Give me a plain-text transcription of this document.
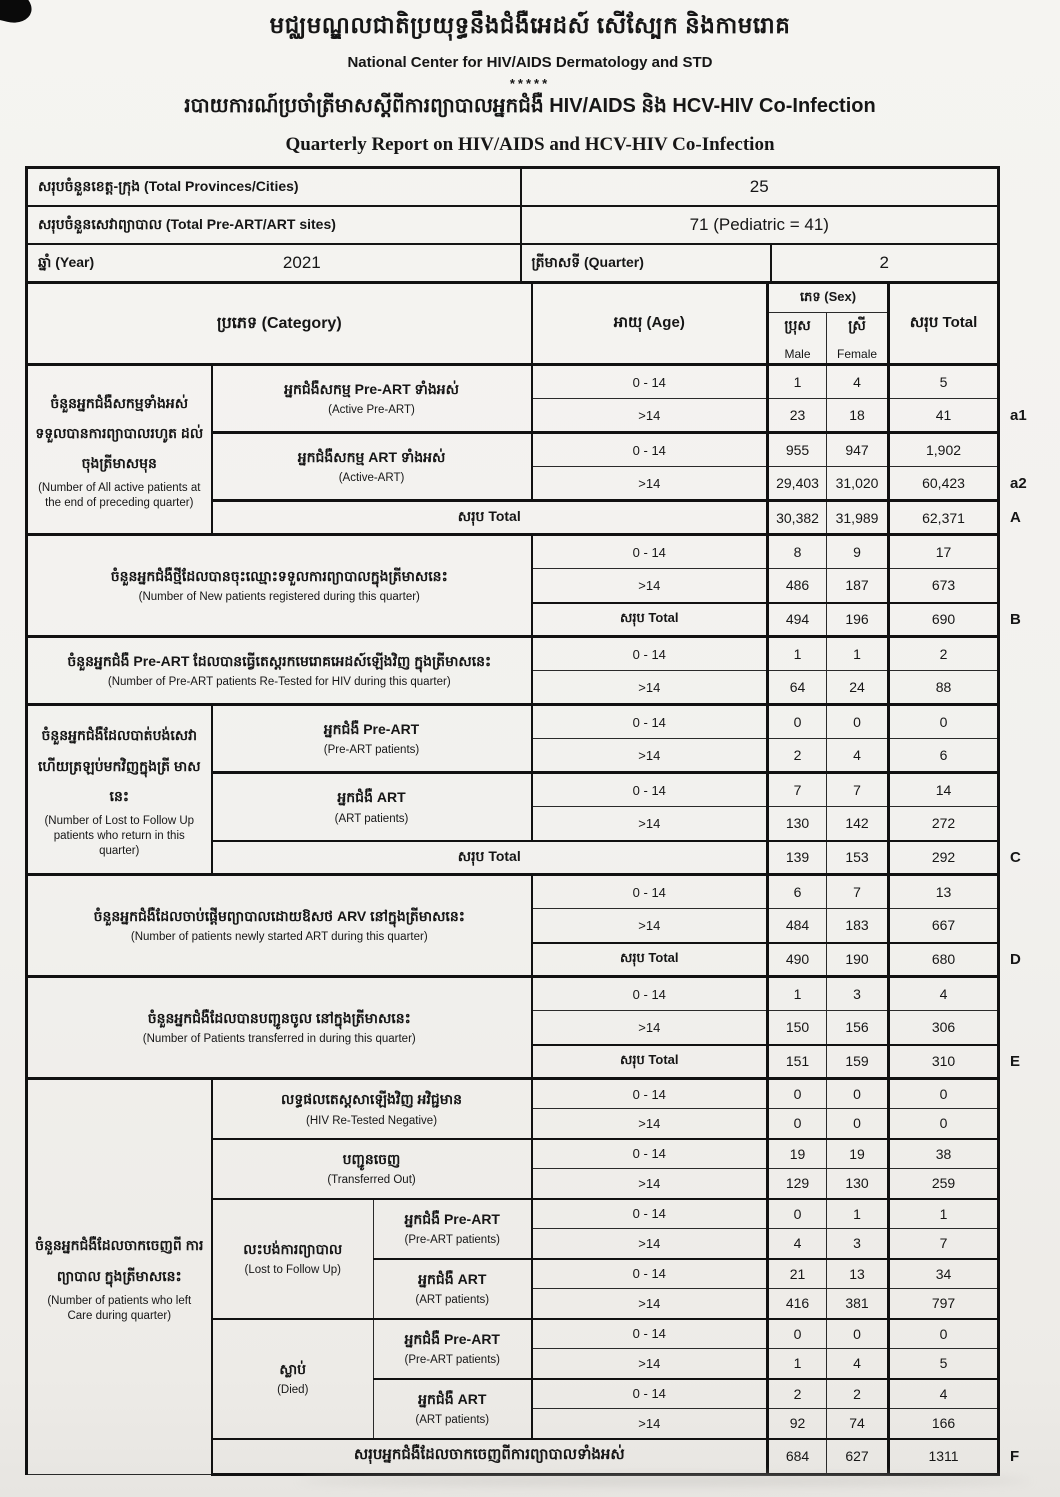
មជ្ឈមណ្ឌលជាតិប្រយុទ្ធនឹងជំងឺអេដស៍ សើស្បែក និងកាមរោគ
National Center for HIV/AIDS Dermatology and STD
*****
របាយការណ៍ប្រចាំត្រីមាសស្តីពីការព្យាបាលអ្នកជំងឺ HIV/AIDS និង HCV-HIV Co-Infection
Quarterly Report on HIV/AIDS and HCV-HIV Co-Infection
សរុបចំនួនខេត្ត-ក្រុង (Total Provinces/Cities)	25	
សរុបចំនួនសេវាព្យាបាល (Total Pre-ART/ART sites)	71 (Pediatric = 41)	

ឆ្នាំ (Year) 2021	ត្រីមាសទី (Quarter)	2
ប្រភេទ (Category)			អាយុ (Age)	ភេទ (Sex)		សរុប Total	

ប្រុស
Male

ស្រី
Female

ចំនួនអ្នកជំងឺសកម្មទាំងអស់ ទទួលបានការព្យាបាលរហូត ដល់ចុងត្រីមាសមុន
(Number of All active patients at the end of preceding quarter)

អ្នកជំងឺសកម្ម Pre-ART ទាំងអស់
(Active Pre-ART)
	0 - 14	1	4	5	
			>14	23	18	41	a1

	អ្នកជំងឺសកម្ម ART ទាំងអស់
(Active-ART)		0 - 14	955	947	1,902	
			>14	29,403	31,020	60,423	a2
	សរុប Total			30,382	31,989	62,371	A

ចំនួនអ្នកជំងឺថ្មីដែលបានចុះឈ្មោះទទួលការព្យាបាលក្នុងត្រីមាសនេះ
(Number of New patients registered during this quarter)			0 - 14	8	9	17	
			>14	486	187	673	
			សរុប Total	494	196	690	B

ចំនួនអ្នកជំងឺ Pre-ART ដែលបានធ្វើតេស្តរកមេរោគអេដស៍ឡើងវិញ ក្នុងត្រីមាសនេះ
(Number of Pre-ART patients Re-Tested for HIV during this quarter)			0 - 14	1	1	2	
			>14	64	24	88	

ចំនួនអ្នកជំងឺដែលបាត់បង់សេវា ហើយត្រឡប់មកវិញក្នុងត្រី មាសនេះ
(Number of Lost to Follow Up patients who return in this quarter)

អ្នកជំងឺ Pre-ART
(Pre-ART patients)
	0 - 14	0	0	0	
			>14	2	4	6	

	អ្នកជំងឺ ART
(ART patients)		0 - 14	7	7	14	
			>14	130	142	272	
	សរុប Total			139	153	292	C

ចំនួនអ្នកជំងឺដែលចាប់ផ្តើមព្យាបាលដោយឱសថ ARV នៅក្នុងត្រីមាសនេះ
(Number of patients newly started ART during this quarter)			0 - 14	6	7	13	
			>14	484	183	667	
			សរុប Total	490	190	680	D

ចំនួនអ្នកជំងឺដែលបានបញ្ជូនចូល នៅក្នុងត្រីមាសនេះ
(Number of Patients transferred in during this quarter)			0 - 14	1	3	4	
			>14	150	156	306	
			សរុប Total	151	159	310	E

ចំនួនអ្នកជំងឺដែលចាកចេញពី ការព្យាបាល ក្នុងត្រីមាសនេះ
(Number of patients who left Care during quarter)

លទ្ធផលតេស្តសាឡើងវិញ អវិជ្ជមាន
(HIV Re-Tested Negative)
	0 - 14	0	0	0	
			>14	0	0	0	

	បញ្ជូនចេញ
(Transferred Out)		0 - 14	19	19	38	
			>14	129	130	259	

លះបង់ការព្យាបាល
(Lost to Follow Up)

អ្នកជំងឺ Pre-ART
(Pre-ART patients)
	0 - 14	0	1	1	
			>14	4	3	7	

		អ្នកជំងឺ ART
(ART patients)	0 - 14	21	13	34	
			>14	416	381	797	

ស្លាប់
(Died)

អ្នកជំងឺ Pre-ART
(Pre-ART patients)
	0 - 14	0	0	0	
			>14	1	4	5	

		អ្នកជំងឺ ART
(ART patients)	0 - 14	2	2	4	
			>14	92	74	166	
	សរុបអ្នកជំងឺដែលចាកចេញពីការព្យាបាលទាំងអស់			684	627	1311	F
